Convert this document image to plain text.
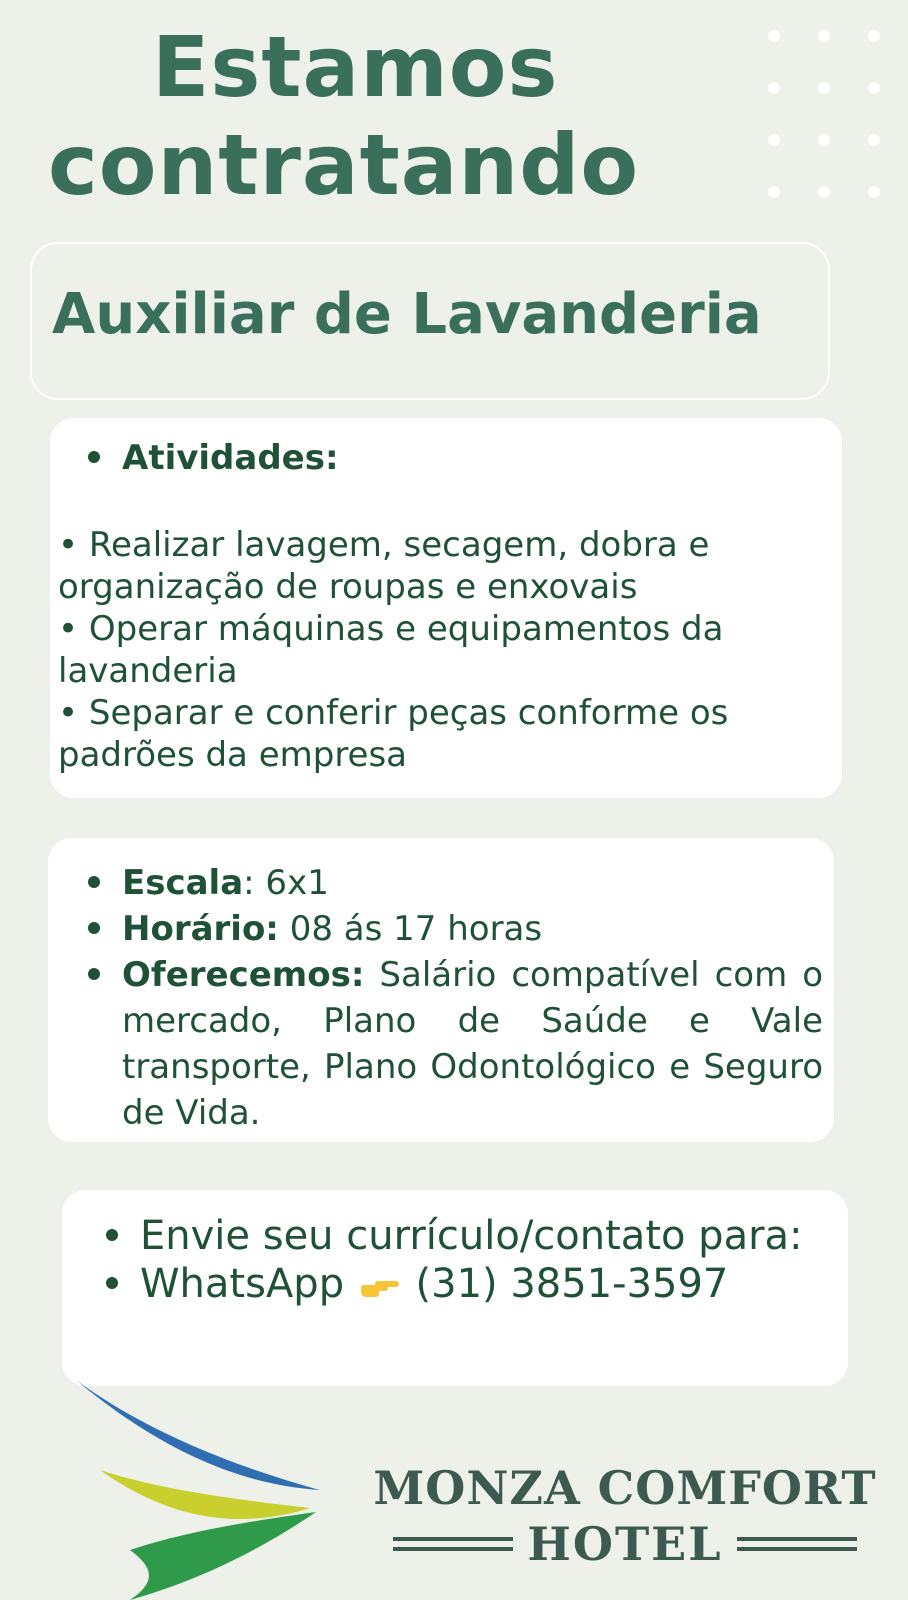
Estamos
contratando
Auxiliar de Lavanderia
Atividades:
• Realizar lavagem, secagem, dobra e organização de roupas e enxovais
• Operar máquinas e equipamentos da lavanderia
• Separar e conferir peças conforme os padrões da empresa
Escala: 6x1
Horário: 08 ás 17 horas
Oferecemos: Salário compatível com o mercado, Plano de Saúde e Vale transporte, Plano Odontológico e Seguro de Vida.
Envie seu currículo/contato para:
WhatsApp (31) 3851-3597
MONZA COMFORT
HOTEL
